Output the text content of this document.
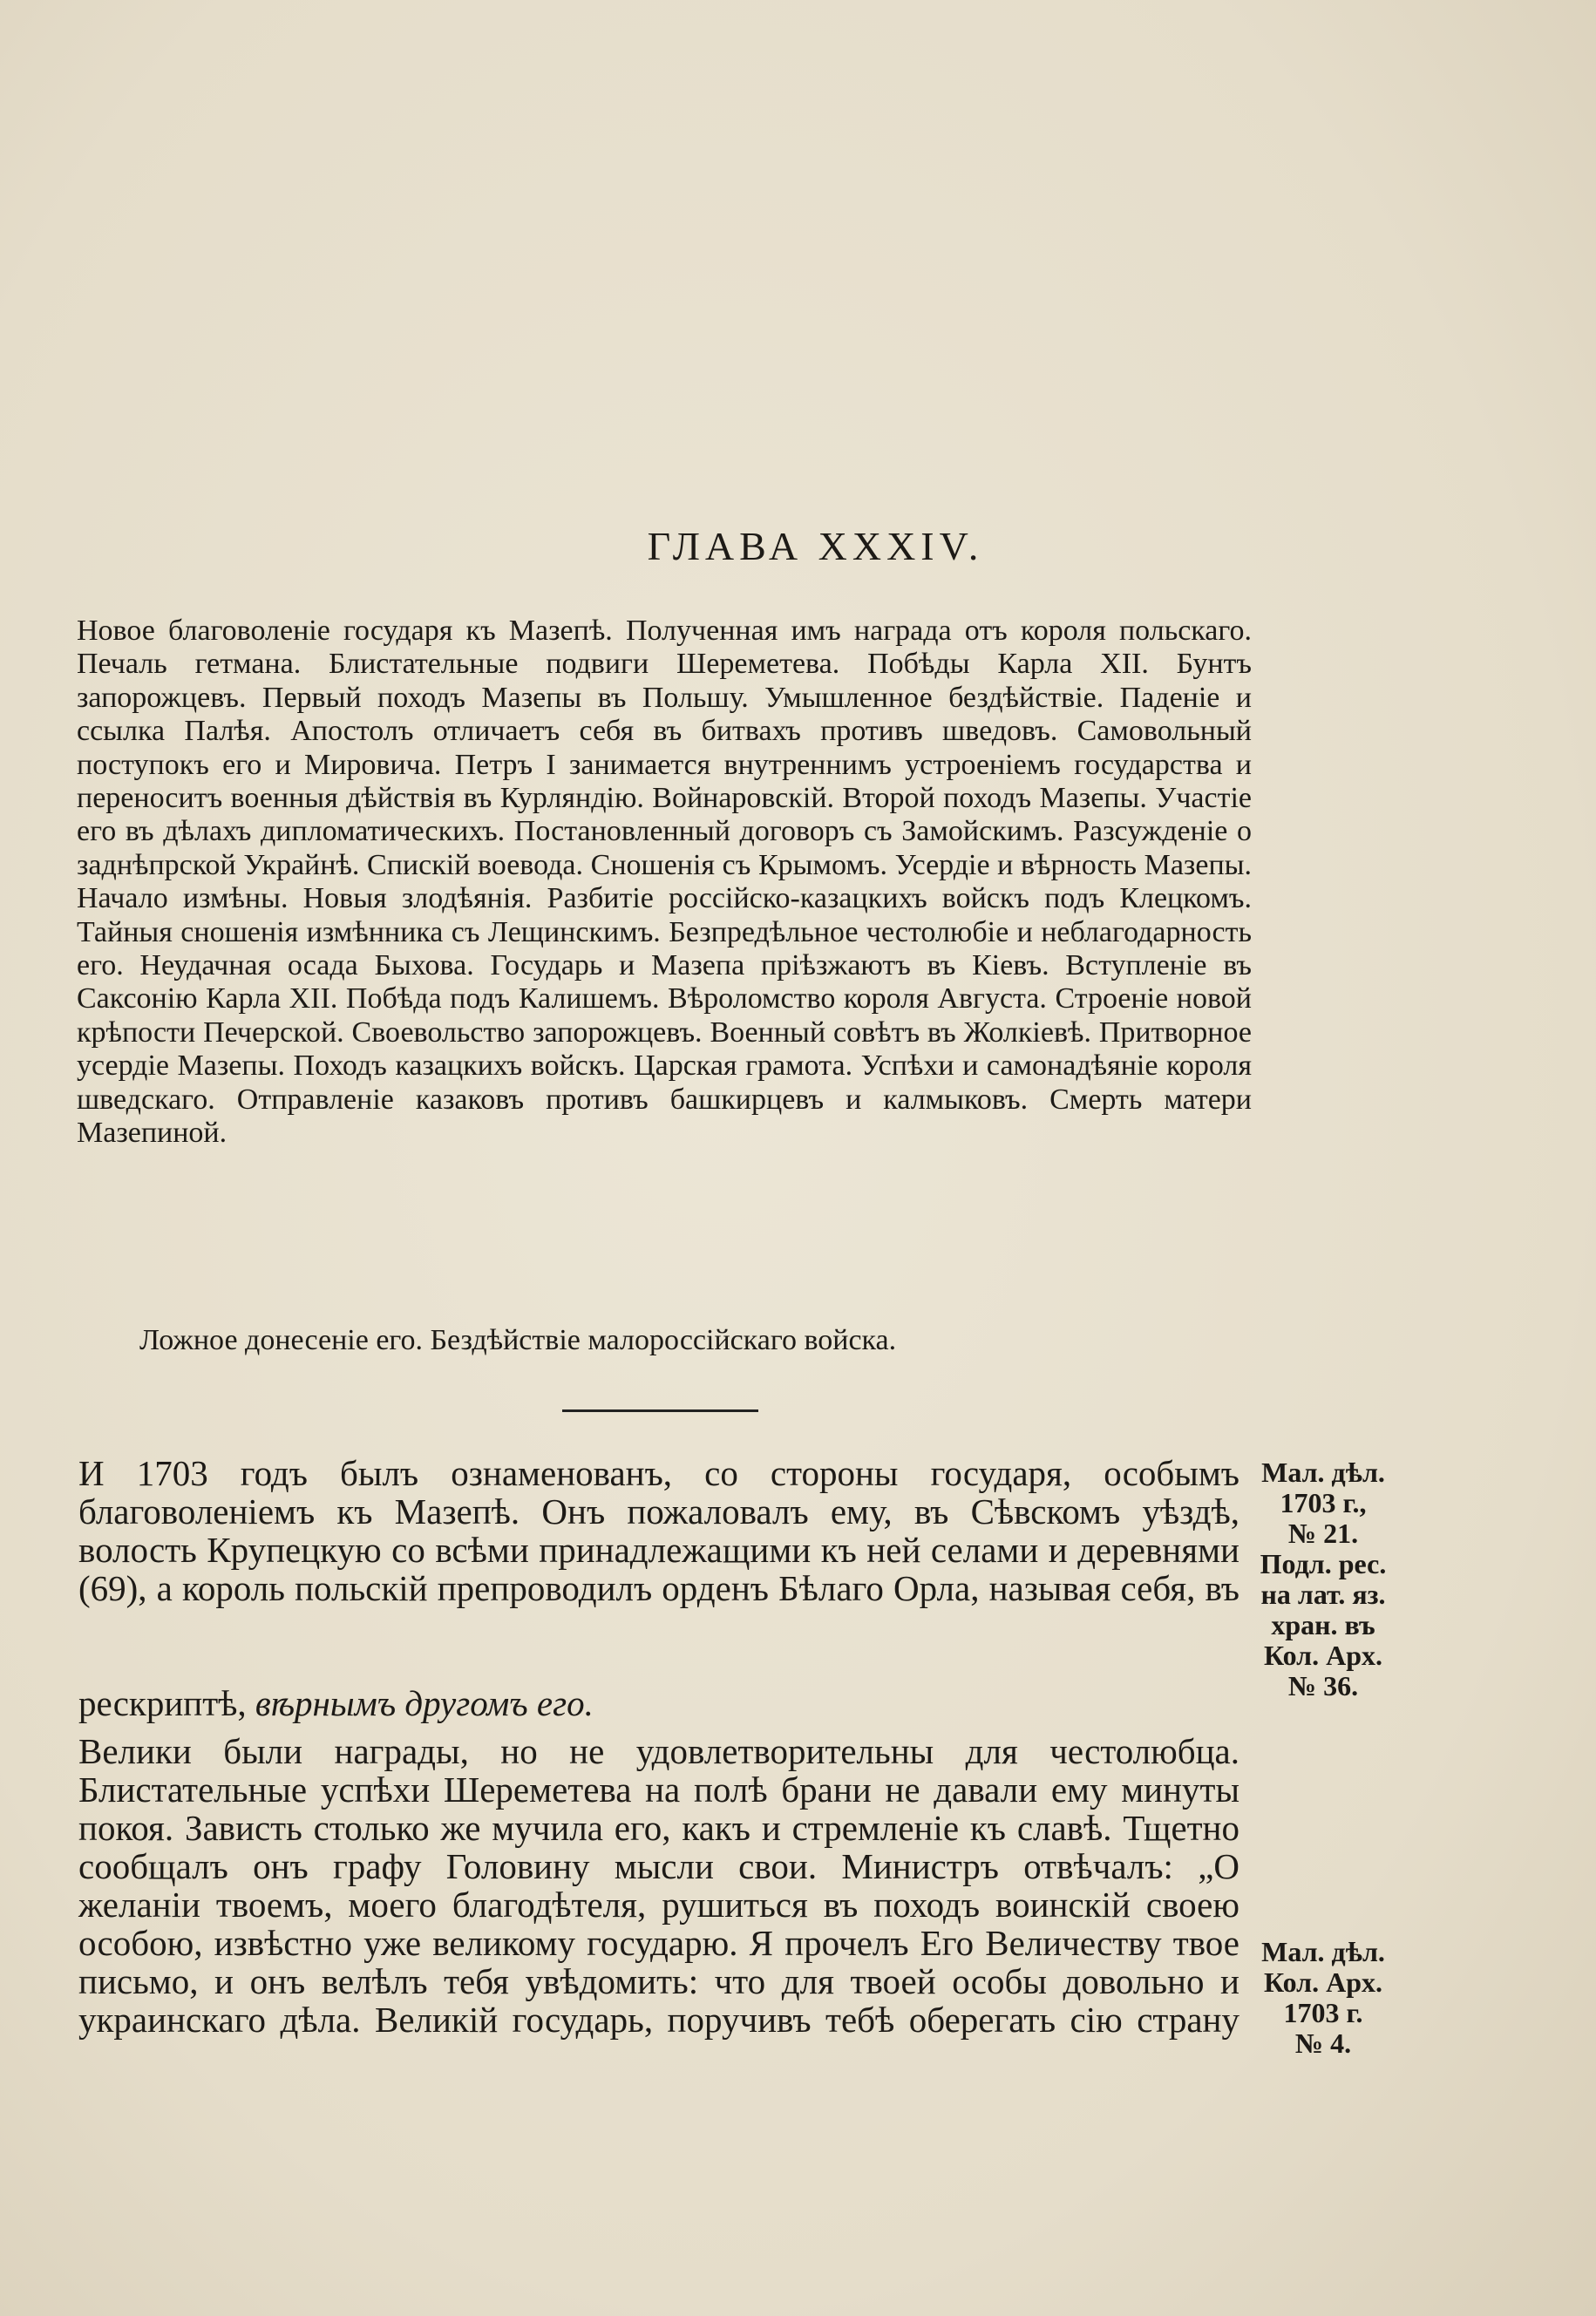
ГЛАВА XXXIV.
Новое благоволеніе государя къ Мазепѣ. Полученная имъ награда отъ короля польскаго. Печаль гетмана. Блистательные подвиги Шереметева. Побѣды Карла XII. Бунтъ запорожцевъ. Первый походъ Мазепы въ Польшу. Умышленное бездѣйствіе. Паденіе и ссылка Палѣя. Апостолъ отличаетъ себя въ битвахъ противъ шведовъ. Самовольный поступокъ его и Мировича. Петръ I занимается внутреннимъ устроеніемъ государства и переноситъ военныя дѣйствія въ Курляндію. Войнаровскій. Второй походъ Мазепы. Участіе его въ дѣлахъ дипломатическихъ. Постановленный договоръ съ Замойскимъ. Разсужденіе о заднѣпрской Украйнѣ. Спискій воевода. Сношенія съ Крымомъ. Усердіе и вѣрность Мазепы. Начало измѣны. Новыя злодѣянія. Разбитіе россійско-казацкихъ войскъ подъ Клецкомъ. Тайныя сношенія измѣнника съ Лещинскимъ. Безпредѣльное честолюбіе и неблагодарность его. Неудачная осада Быхова. Государь и Мазепа пріѣзжаютъ въ Кіевъ. Вступленіе въ Саксонію Карла XII. Побѣда подъ Калишемъ. Вѣроломство короля Августа. Строеніе новой крѣпости Печерской. Своевольство запорожцевъ. Военный совѣтъ въ Жолкіевѣ. Притворное усердіе Мазепы. Походъ казацкихъ войскъ. Царская грамота. Успѣхи и самонадѣяніе короля шведскаго. Отправленіе казаковъ противъ башкирцевъ и калмыковъ. Смерть матери Мазепиной.
Ложное донесеніе его. Бездѣйствіе малороссійскаго войска.
И 1703 годъ былъ ознаменованъ, со стороны государя, особымъ благоволеніемъ къ Мазепѣ. Онъ пожаловалъ ему, въ Сѣвскомъ уѣздѣ, волость Крупецкую со всѣми принадлежащими къ ней селами и деревнями (69), а король польскій препроводилъ орденъ Бѣлаго Орла, называя себя, въ
рескриптѣ, вѣрнымъ другомъ его.
Велики были награды, но не удовлетворительны для честолюбца. Блистательные успѣхи Шереметева на полѣ брани не давали ему минуты покоя. Зависть столько же мучила его, какъ и стремленіе къ славѣ. Тщетно сообщалъ онъ графу Головину мысли свои. Министръ отвѣчалъ: „О желаніи твоемъ, моего благодѣтеля, рушиться въ походъ воинскій своею особою, извѣстно уже великому государю. Я прочелъ Его Величеству твое письмо, и онъ велѣлъ тебя увѣдомить: что для твоей особы довольно и украинскаго дѣла. Великій государь, поручивъ тебѣ оберегать сію страну
Мал. дѣл.
1703 г.,
№ 21.
Подл. рес.
на лат. яз.
хран. въ
Кол. Арх.
№ 36.
Мал. дѣл.
Кол. Арх.
1703 г.
№ 4.
